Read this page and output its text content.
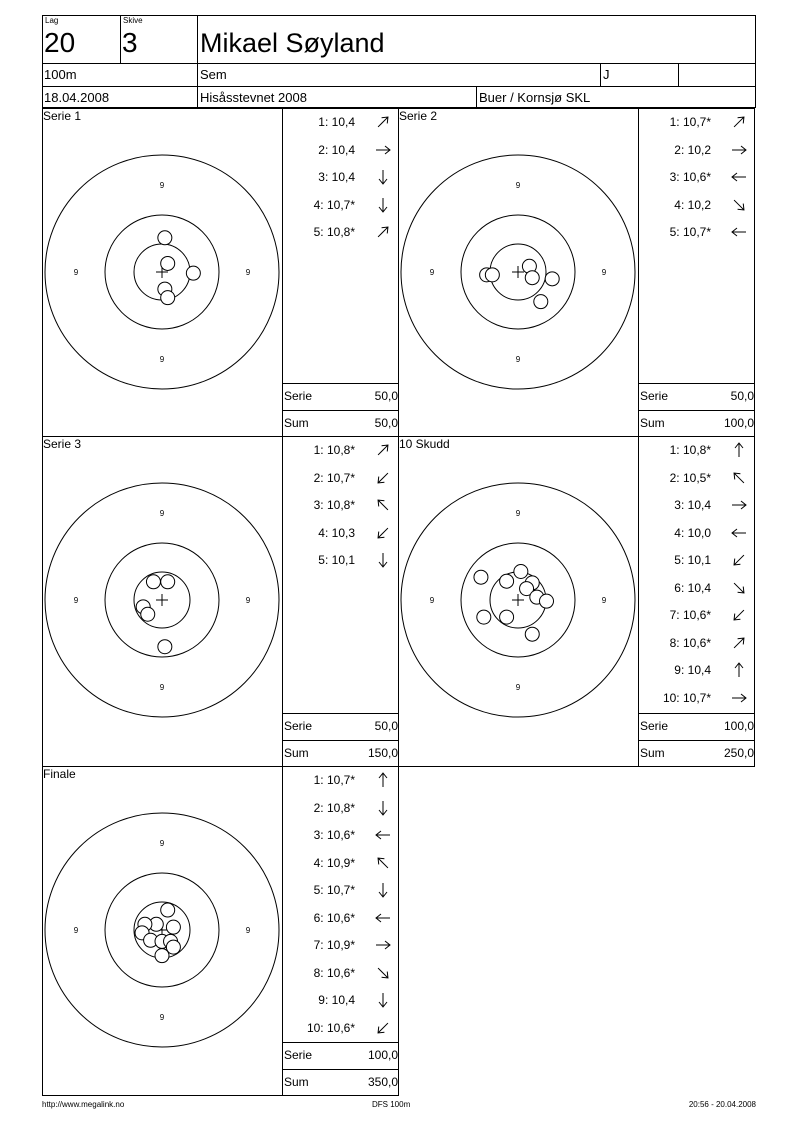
Lag
20
Skive
3 Mikael Søyland
100m	Sem	J
18.04.2008	Hisåsstevnet 2008	Buer / Kornsjø SKL
Serie 1
9
9
9	9
1: 10,4
2: 10,4
3: 10,4
4: 10,7*
5: 10,8*
Serie	50,0
Sum	50,0
Serie 2
9
9
9	9
1: 10,7*
2: 10,2
3: 10,6*
4: 10,2
5: 10,7*
Serie	50,0
Sum	100,0
Serie 3
9
9
9	9
1: 10,8*
2: 10,7*
3: 10,8*
4: 10,3
5: 10,1
Serie	50,0
Sum	150,0
10 Skudd
9
9
9	9
1: 10,8*
2: 10,5*
3: 10,4
4: 10,0
5: 10,1
6: 10,4
7: 10,6*
8: 10,6*
9: 10,4
10: 10,7*
Serie	100,0
Sum	250,0
Finale
9
9
9	9
1: 10,7*
2: 10,8*
3: 10,6*
4: 10,9*
5: 10,7*
6: 10,6*
7: 10,9*
8: 10,6*
9: 10,4
10: 10,6*
Serie	100,0
Sum	350,0
http://www.megalink.no	DFS 100m	20:56 - 20.04.2008
